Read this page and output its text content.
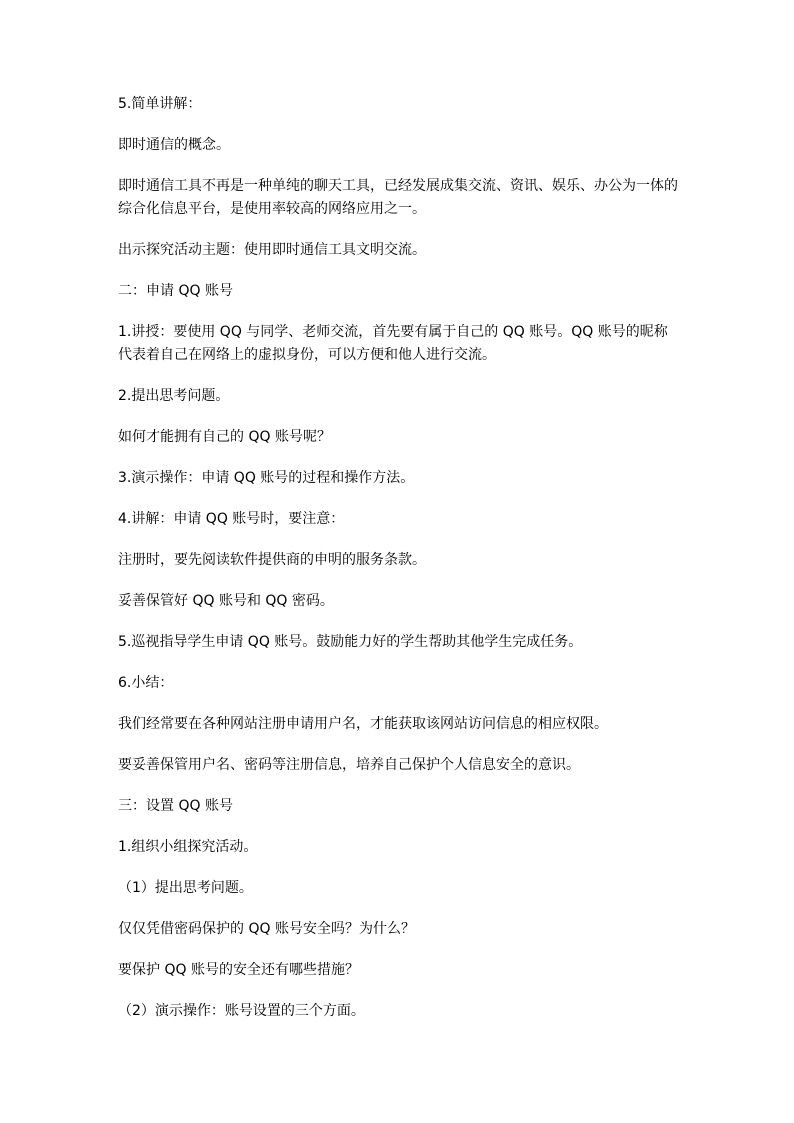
5.简单讲解：

即时通信的概念。

即时通信工具不再是一种单纯的聊天工具，已经发展成集交流、资讯、娱乐、办公为一体的综合化信息平台，是使用率较高的网络应用之一。

出示探究活动主题：使用即时通信工具文明交流。

二：申请 QQ 账号

1.讲授：要使用 QQ 与同学、老师交流，首先要有属于自己的 QQ 账号。QQ 账号的昵称代表着自己在网络上的虚拟身份，可以方便和他人进行交流。

2.提出思考问题。

如何才能拥有自己的 QQ 账号呢？

3.演示操作：申请 QQ 账号的过程和操作方法。

4.讲解：申请 QQ 账号时，要注意：

注册时，要先阅读软件提供商的申明的服务条款。

妥善保管好 QQ 账号和 QQ 密码。

5.巡视指导学生申请 QQ 账号。鼓励能力好的学生帮助其他学生完成任务。

6.小结：

我们经常要在各种网站注册申请用户名，才能获取该网站访问信息的相应权限。

要妥善保管用户名、密码等注册信息，培养自己保护个人信息安全的意识。

三：设置 QQ 账号

1.组织小组探究活动。

（1）提出思考问题。

仅仅凭借密码保护的 QQ 账号安全吗？为什么？

要保护 QQ 账号的安全还有哪些措施？

（2）演示操作：账号设置的三个方面。
